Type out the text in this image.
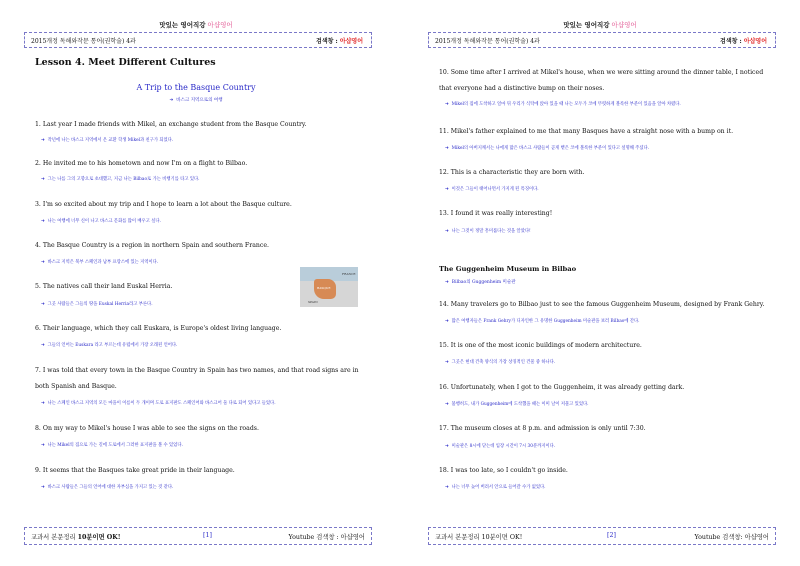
맛있는 영어직강 아샵영어
2015개정 독해와작문 통어(권학술) 4과	검색창 : 아샵영어
Lesson 4. Meet Different Cultures
A Trip to the Basque Country
➜ 바스크 지역으로의 여행
1. Last year I made friends with Mikel, an exchange student from the Basque Country.
➜ 작년에 나는 바스크 지역에서 온 교환 학생 Mikel과 친구가 되었다.
2. He invited me to his hometown and now I'm on a flight to Bilbao.
➜ 그는 나를 그의 고향으로 초대했고, 지금 나는 Bilbao로 가는 비행기를 타고 있다.
3. I'm so excited about my trip and I hope to learn a lot about the Basque culture.
➜ 나는 여행에 너무 신이 나고 바스크 문화를 많이 배우고 싶다.
4. The Basque Country is a region in northern Spain and southern France.
➜ 바스크 지역은 북부 스페인과 남부 프랑스에 있는 지역이다.
5. The natives call their land Euskal Herria.
➜ 그곳 사람들은 그들의 땅을 Euskal Herria라고 부른다.
FRANCE
BASQUE
SPAIN
6. Their language, which they call Euskara, is Europe's oldest living language.
➜ 그들의 언어는 Euskara 라고 부르는데 유럽에서 가장 오래된 언어다.
7. I was told that every town in the Basque Country in Spain has two names, and that road signs are in both Spanish and Basque.
➜ 나는 스페인 바스크 지역의 모든 마을이 이름이 두 개이며 도로 표지판도 스페인어와 바스크어 둘 다로 되어 있다고 들었다.
8. On my way to Mikel's house I was able to see the signs on the roads.
➜ 나는 Mikel의 집으로 가는 길에 도로에서 그러한 표지판을 볼 수 있었다.
9. It seems that the Basques take great pride in their language.
➜ 바스크 사람들은 그들의 언어에 대한 자부심을 가지고 있는 것 같다.
교과서 본문정리 10분이면 OK!	[1]	Youtube 검색창 : 아샵영어
맛있는 영어직강 아샵영어
2015개정 독해와작문 통어(권학술) 4과	검색창 : 아샵영어
10. Some time after I arrived at Mikel's house, when we were sitting around the dinner table, I noticed that everyone had a distinctive bump on their noses.
➜ Mikel의 집에 도착하고 얼마 뒤 우리가 식탁에 앉아 있을 때 나는 모두가 코에 뚜렷하게 볼록한 부분이 있음을 알아 차렸다.
11. Mikel's father explained to me that many Basques have a straight nose with a bump on it.
➜ Mikel의 아버지께서는 나에게 많은 바스크 사람들이 곧게 뻗은 코에 볼록한 부분이 있다고 설명해 주셨다.
12. This is a characteristic they are born with.
➜ 이것은 그들이 태어나면서 가지게 된 특징이다.
13. I found it was really interesting!
➜ 나는 그것이 정말 흥미롭다는 것을 알았다!
The Guggenheim Museum in Bilbao
➜ Bilbao의 Guggenheim 미술관
14. Many travelers go to Bilbao just to see the famous Guggenheim Museum, designed by Frank Gehry.
➜ 많은 여행자들은 Frank Gehry가 디자인한 그 유명한 Guggenheim 미술관을 보러 Bilbao에 간다.
15. It is one of the most iconic buildings of modern architecture.
➜ 그곳은 현대 건축 양식의 가장 상징적인 건물 중 하나다.
16. Unfortunately, when I got to the Guggenheim, it was already getting dark.
➜ 불행히도, 내가 Guggenheim에 도착했을 때는 이미 날이 저물고 있었다.
17. The museum closes at 8 p.m. and admission is only until 7:30.
➜ 미술관은 8시에 닫는데 입장 시간이 7시 30분까지이다.
18. I was too late, so I couldn't go inside.
➜ 나는 너무 늦어 버려서 안으로 들어갈 수가 없었다.
교과서 본문정리 10분이면 OK!	[2]	Youtube 검색창: 아샵영어
